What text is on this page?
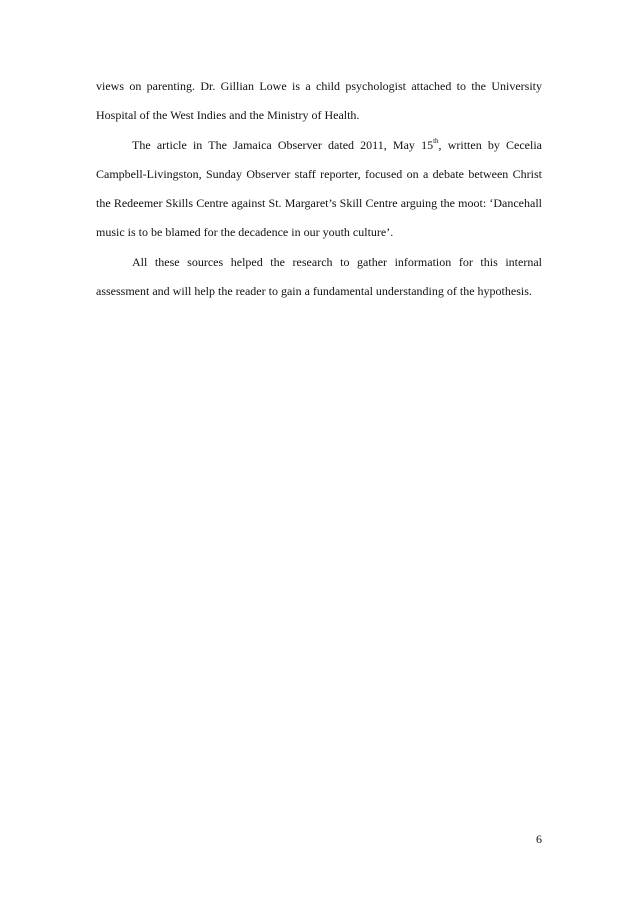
views on parenting. Dr. Gillian Lowe is a child psychologist attached to the University Hospital of the West Indies and the Ministry of Health.

The article in The Jamaica Observer dated 2011, May 15th, written by Cecelia Campbell-Livingston, Sunday Observer staff reporter, focused on a debate between Christ the Redeemer Skills Centre against St. Margaret’s Skill Centre arguing the moot: ‘Dancehall music is to be blamed for the decadence in our youth culture’.

All these sources helped the research to gather information for this internal assessment and will help the reader to gain a fundamental understanding of the hypothesis.

6
